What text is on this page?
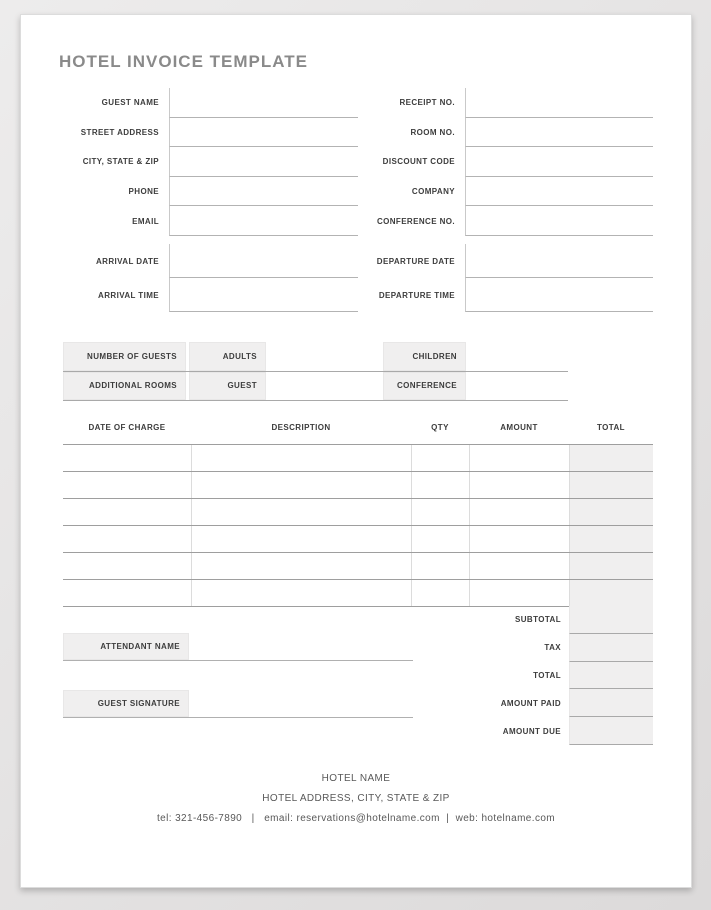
HOTEL INVOICE TEMPLATE
GUEST NAME
STREET ADDRESS
CITY, STATE & ZIP
PHONE
EMAIL
RECEIPT NO.
ROOM NO.
DISCOUNT CODE
COMPANY
CONFERENCE NO.
ARRIVAL DATE
ARRIVAL TIME
DEPARTURE DATE
DEPARTURE TIME
NUMBER OF GUESTS	ADULTS	CHILDREN
ADDITIONAL ROOMS	GUEST	CONFERENCE
DATE OF CHARGE	DESCRIPTION	QTY	AMOUNT	TOTAL
SUBTOTAL
TAX
TOTAL
AMOUNT PAID
AMOUNT DUE
ATTENDANT NAME
GUEST SIGNATURE
HOTEL NAME
HOTEL ADDRESS, CITY, STATE & ZIP
tel: 321-456-7890   |   email: reservations@hotelname.com  |  web: hotelname.com
